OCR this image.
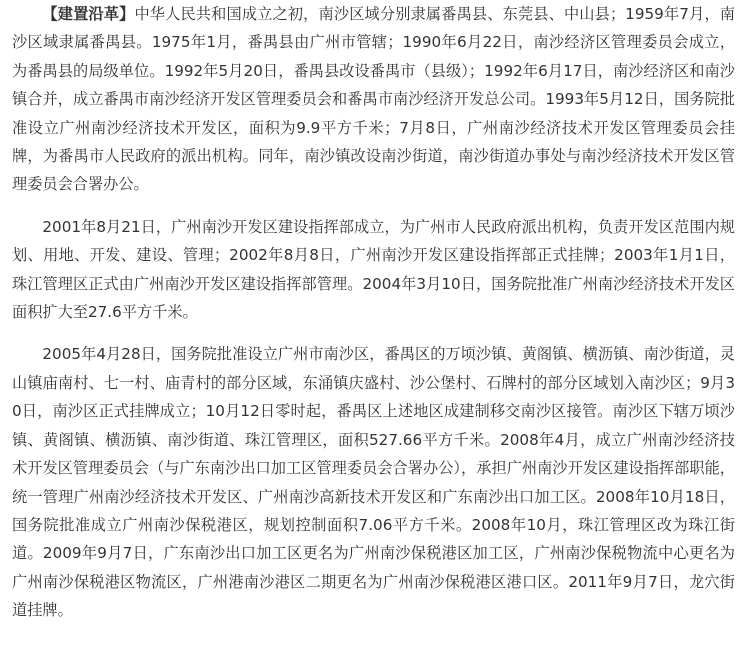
【建置沿革】中华人民共和国成立之初，南沙区域分别隶属番禺县、东莞县、中山县；1959年7月，南沙区域隶属番禺县。1975年1月，番禺县由广州市管辖；1990年6月22日，南沙经济区管理委员会成立，为番禺县的局级单位。1992年5月20日，番禺县改设番禺市（县级）；1992年6月17日，南沙经济区和南沙镇合并，成立番禺市南沙经济开发区管理委员会和番禺市南沙经济开发总公司。1993年5月12日，国务院批准设立广州南沙经济技术开发区，面积为9.9平方千米；7月8日，广州南沙经济技术开发区管理委员会挂牌，为番禺市人民政府的派出机构。同年，南沙镇改设南沙街道，南沙街道办事处与南沙经济技术开发区管理委员会合署办公。

2001年8月21日，广州南沙开发区建设指挥部成立，为广州市人民政府派出机构，负责开发区范围内规划、用地、开发、建设、管理；2002年8月8日，广州南沙开发区建设指挥部正式挂牌；2003年1月1日，珠江管理区正式由广州南沙开发区建设指挥部管理。2004年3月10日，国务院批准广州南沙经济技术开发区面积扩大至27.6平方千米。

2005年4月28日，国务院批准设立广州市南沙区，番禺区的万顷沙镇、黄阁镇、横沥镇、南沙街道，灵山镇庙南村、七一村、庙青村的部分区域，东涌镇庆盛村、沙公堡村、石牌村的部分区域划入南沙区；9月30日，南沙区正式挂牌成立；10月12日零时起，番禺区上述地区成建制移交南沙区接管。南沙区下辖万顷沙镇、黄阁镇、横沥镇、南沙街道、珠江管理区，面积527.66平方千米。2008年4月，成立广州南沙经济技术开发区管理委员会（与广东南沙出口加工区管理委员会合署办公），承担广州南沙开发区建设指挥部职能，统一管理广州南沙经济技术开发区、广州南沙高新技术开发区和广东南沙出口加工区。2008年10月18日，国务院批准成立广州南沙保税港区，规划控制面积7.06平方千米。2008年10月，珠江管理区改为珠江街道。2009年9月7日，广东南沙出口加工区更名为广州南沙保税港区加工区，广州南沙保税物流中心更名为广州南沙保税港区物流区，广州港南沙港区二期更名为广州南沙保税港区港口区。2011年9月7日，龙穴街道挂牌。
